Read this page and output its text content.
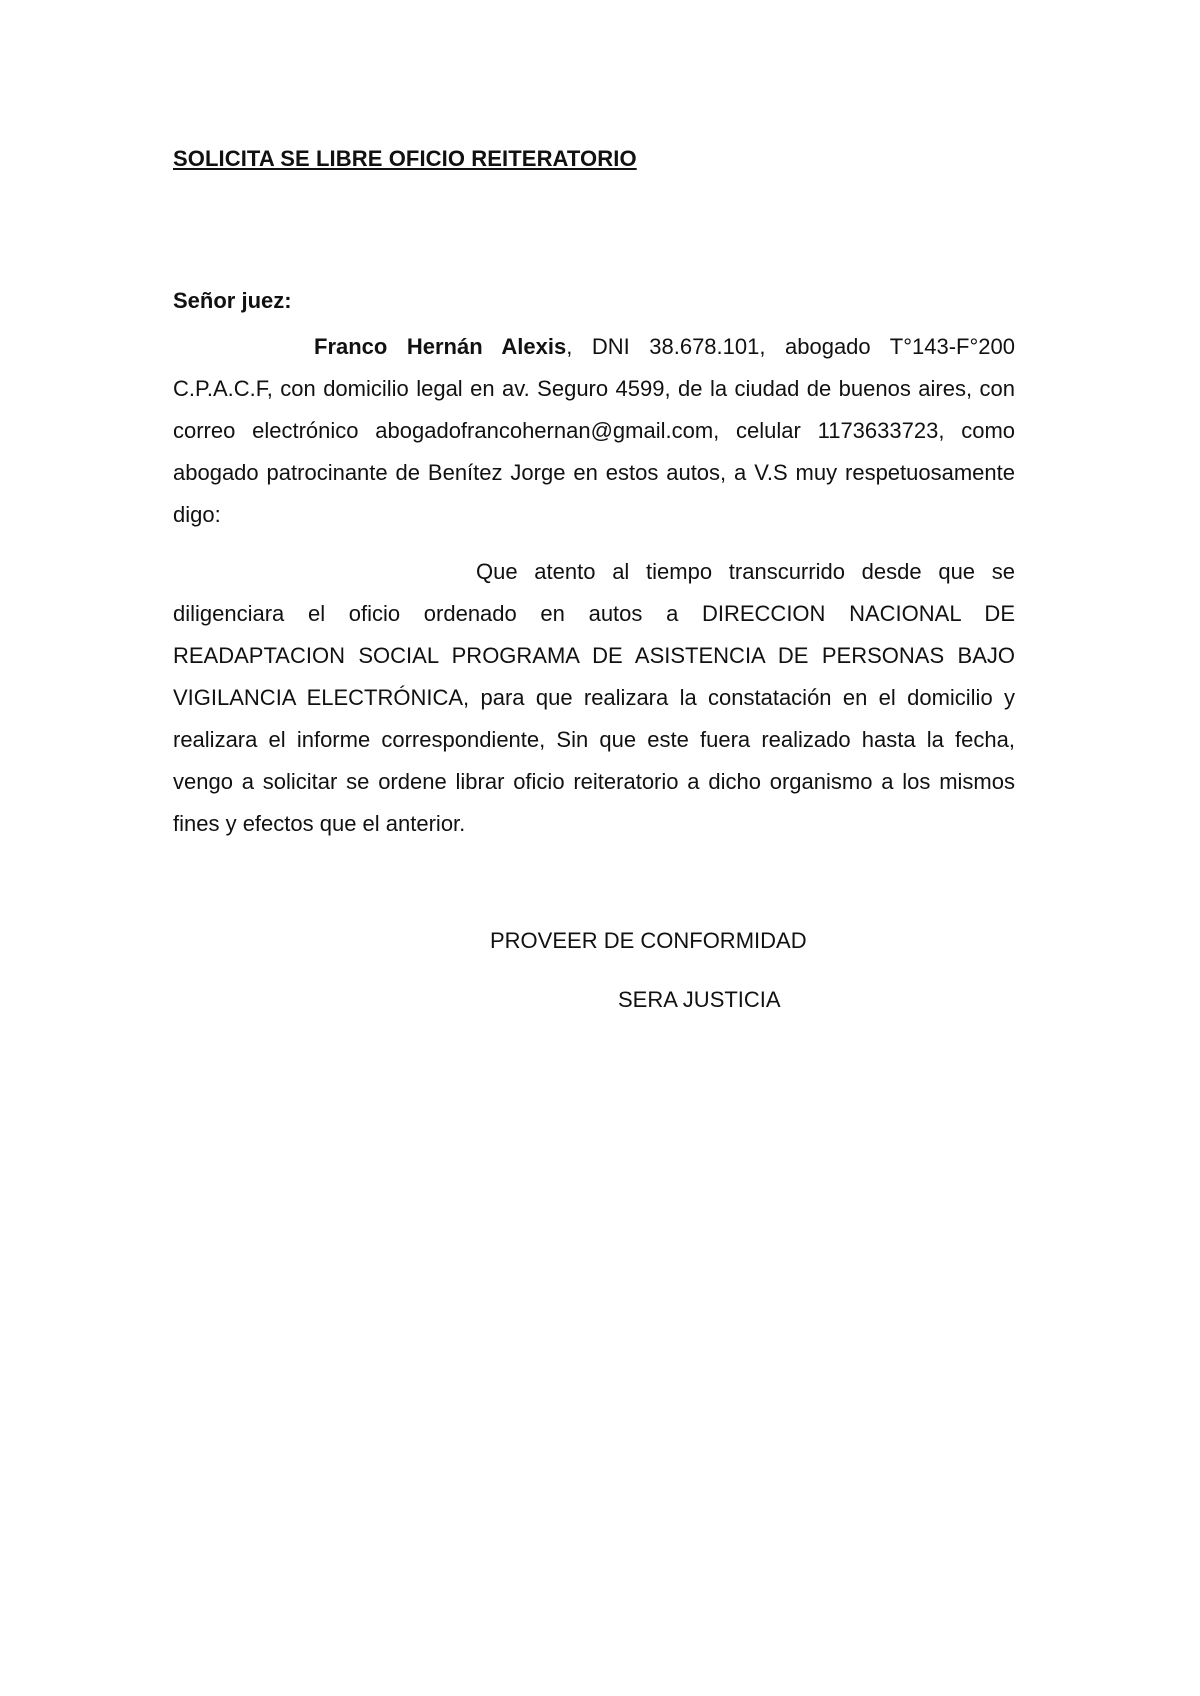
SOLICITA SE LIBRE OFICIO REITERATORIO
Señor juez:
Franco Hernán Alexis, DNI 38.678.101, abogado T°143-F°200 C.P.A.C.F, con domicilio legal en av. Seguro 4599, de la ciudad de buenos aires, con correo electrónico abogadofrancohernan@gmail.com, celular 1173633723, como abogado patrocinante de Benítez Jorge en estos autos, a V.S muy respetuosamente digo:
Que atento al tiempo transcurrido desde que se diligenciara el oficio ordenado en autos a DIRECCION NACIONAL DE READAPTACION SOCIAL PROGRAMA DE ASISTENCIA DE PERSONAS BAJO VIGILANCIA ELECTRÓNICA, para que realizara la constatación en el domicilio y realizara el informe correspondiente, Sin que este fuera realizado hasta la fecha, vengo a solicitar se ordene librar oficio reiteratorio a dicho organismo a los mismos fines y efectos que el anterior.
PROVEER DE CONFORMIDAD
SERA JUSTICIA
